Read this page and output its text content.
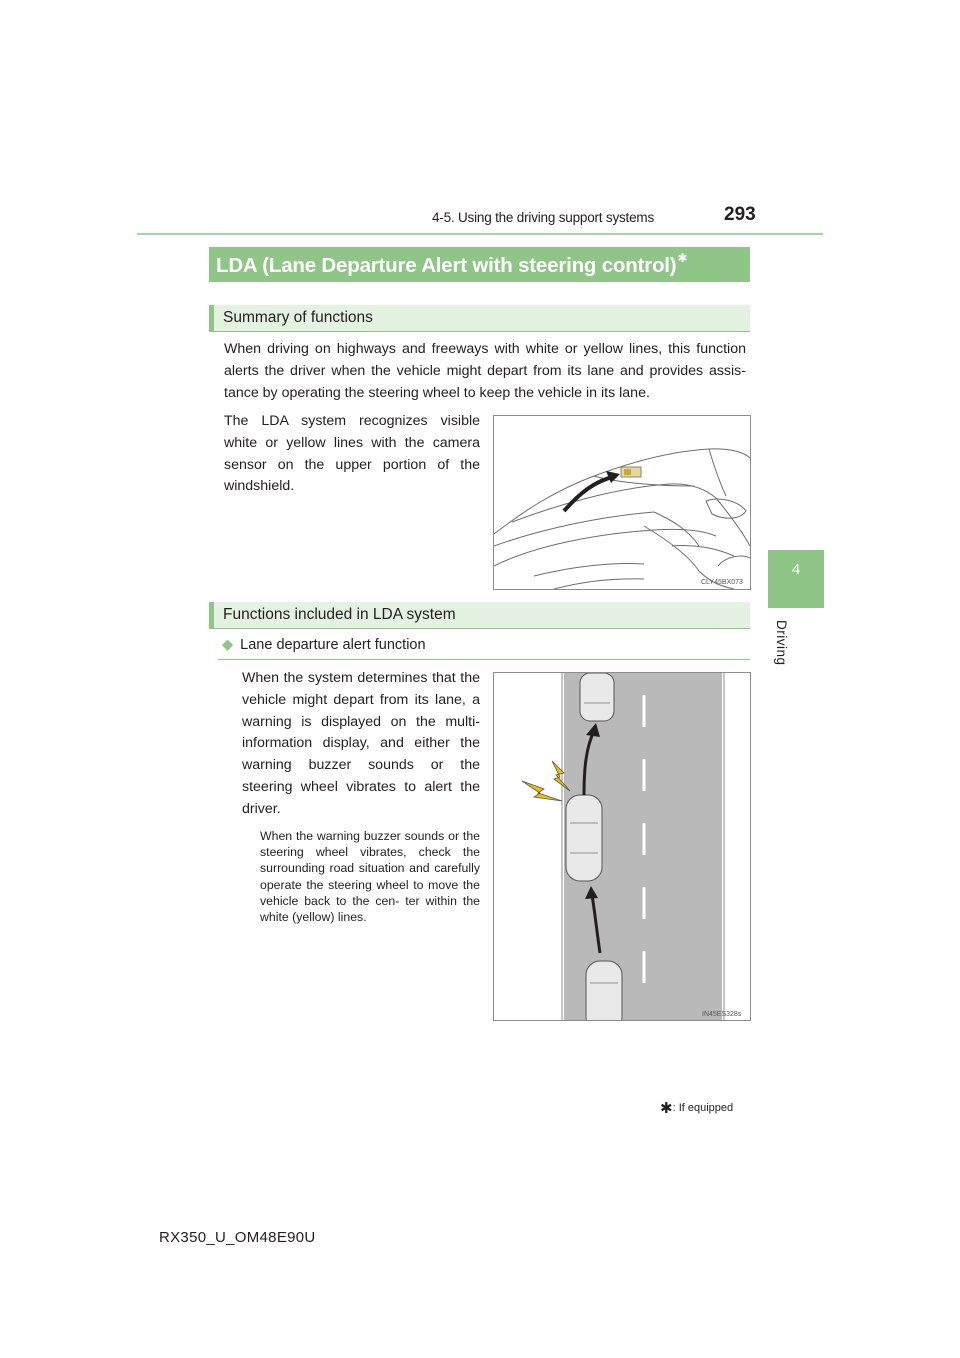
4-5. Using the driving support systems	293
4
Driving
LDA (Lane Departure Alert with steering control)✱
Summary of functions
When driving on highways and freeways with white or yellow lines, this function alerts the driver when the vehicle might depart from its lane and provides assis- tance by operating the steering wheel to keep the vehicle in its lane.
The LDA system recognizes visible white or yellow lines with the camera sensor on the upper portion of the windshield.
CLY45BX073
Functions included in LDA system
◆ Lane departure alert function
When the system determines that the vehicle might depart from its lane, a warning is displayed on the multi-information display, and either the warning buzzer sounds or the steering wheel vibrates to alert the driver.
When the warning buzzer sounds or the steering wheel vibrates, check the surrounding road situation and carefully operate the steering wheel to move the vehicle back to the cen- ter within the white (yellow) lines.
IN45ES328s
✱: If equipped
RX350_U_OM48E90U
